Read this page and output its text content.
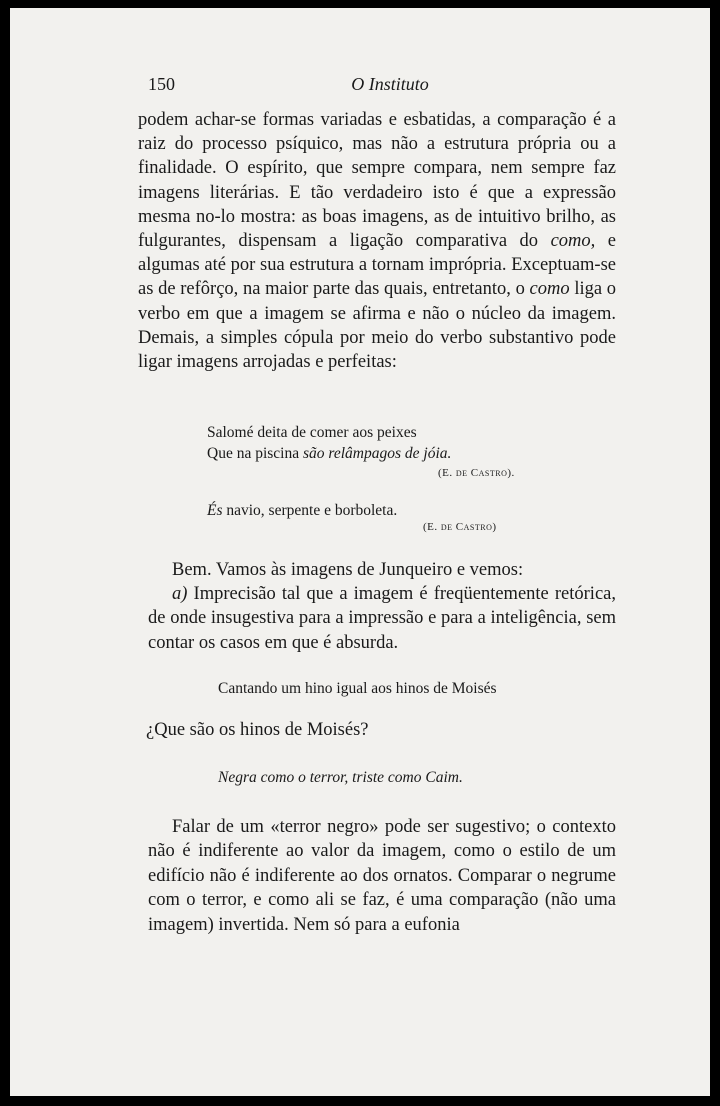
150	O Instituto

podem achar-se formas variadas e esbatidas, a comparação é a raiz do processo psíquico, mas não a estrutura própria ou a finalidade. O espírito, que sempre compara, nem sempre faz imagens literárias. E tão verdadeiro isto é que a expressão mesma no-lo mostra: as boas imagens, as de intuitivo brilho, as fulgurantes, dispensam a ligação comparativa do como, e algumas até por sua estrutura a tornam imprópria. Exceptuam-se as de refôrço, na maior parte das quais, entretanto, o como liga o verbo em que a imagem se afirma e não o núcleo da imagem. Demais, a simples cópula por meio do verbo substantivo pode ligar imagens arrojadas e perfeitas:

Salomé deita de comer aos peixes
Que na piscina são relâmpagos de jóia.
(E. de Castro).
És navio, serpente e borboleta.
(E. de Castro)
Bem. Vamos às imagens de Junqueiro e vemos:

a) Imprecisão tal que a imagem é freqüentemente retórica, de onde insugestiva para a impressão e para a inteligência, sem contar os casos em que é absurda.

Cantando um hino igual aos hinos de Moisés
¿Que são os hinos de Moisés?
Negra como o terror, triste como Caim.

Falar de um «terror negro» pode ser sugestivo; o contexto não é indiferente ao valor da imagem, como o estilo de um edifício não é indiferente ao dos ornatos. Comparar o negrume com o terror, e como ali se faz, é uma comparação (não uma imagem) invertida. Nem só para a eufonia
